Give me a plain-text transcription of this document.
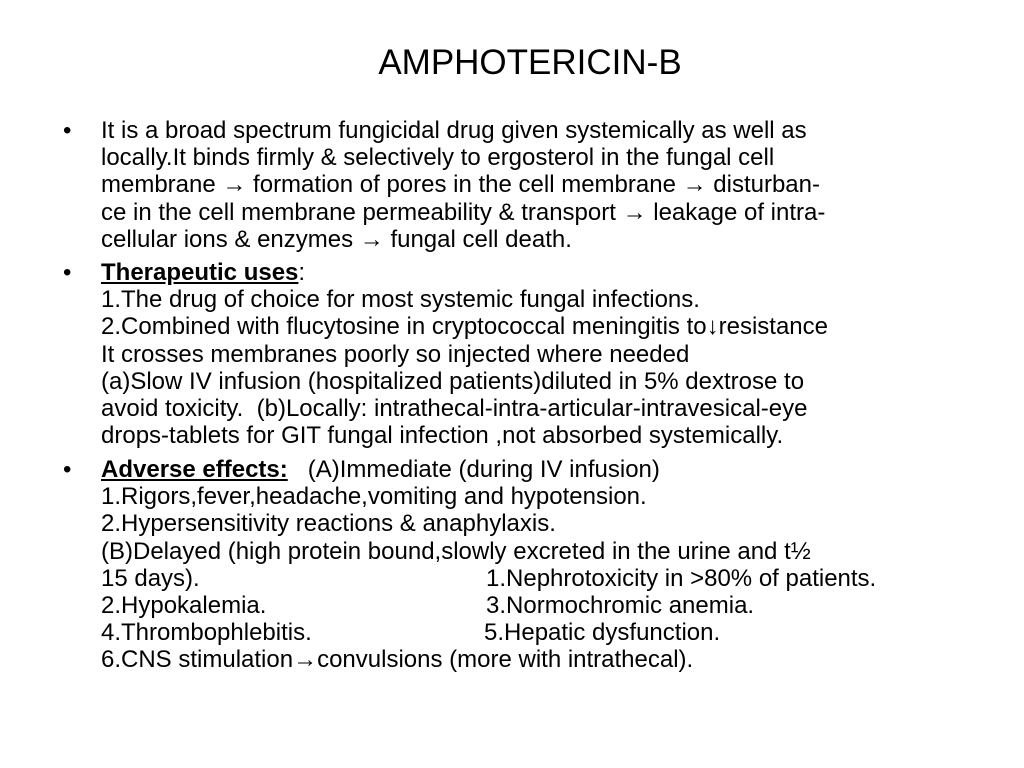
AMPHOTERICIN-B
• It is a broad spectrum fungicidal drug given systemically as well as
locally.It binds firmly & selectively to ergosterol in the fungal cell
membrane → formation of pores in the cell membrane → disturban-
ce in the cell membrane permeability & transport → leakage of intra-
cellular ions & enzymes → fungal cell death.
• Therapeutic uses:
1.The drug of choice for most systemic fungal infections.
2.Combined with flucytosine in cryptococcal meningitis to↓resistance
It crosses membranes poorly so injected where needed
(a)Slow IV infusion (hospitalized patients)diluted in 5% dextrose to
avoid toxicity.  (b)Locally: intrathecal-intra-articular-intravesical-eye
drops-tablets for GIT fungal infection ,not absorbed systemically.
• Adverse effects:   (A)Immediate (during IV infusion)
1.Rigors,fever,headache,vomiting and hypotension.
2.Hypersensitivity reactions & anaphylaxis.
(B)Delayed (high protein bound,slowly excreted in the urine and t½
15 days).	1.Nephrotoxicity in >80% of patients.
2.Hypokalemia.	3.Normochromic anemia.
4.Thrombophlebitis.	5.Hepatic dysfunction.
6.CNS stimulation→convulsions (more with intrathecal).
